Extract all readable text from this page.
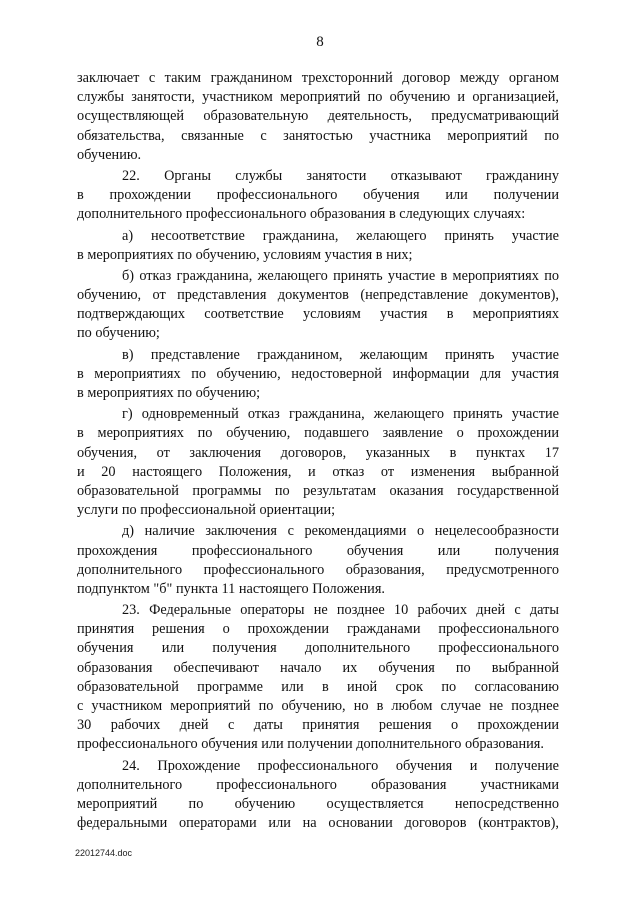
8
заключает с таким гражданином трехсторонний договор между органом
службы занятости, участником мероприятий по обучению и организацией,
осуществляющей образовательную деятельность, предусматривающий
обязательства, связанные с занятостью участника мероприятий по
обучению.
22. Органы службы занятости отказывают гражданину
в прохождении профессионального обучения или получении
дополнительного профессионального образования в следующих случаях:
а) несоответствие гражданина, желающего принять участие
в мероприятиях по обучению, условиям участия в них;
б) отказ гражданина, желающего принять участие в мероприятиях по
обучению, от представления документов (непредставление документов),
подтверждающих соответствие условиям участия в мероприятиях
по обучению;
в) представление гражданином, желающим принять участие
в мероприятиях по обучению, недостоверной информации для участия
в мероприятиях по обучению;
г) одновременный отказ гражданина, желающего принять участие
в мероприятиях по обучению, подавшего заявление о прохождении
обучения, от заключения договоров, указанных в пунктах 17
и 20 настоящего Положения, и отказ от изменения выбранной
образовательной программы по результатам оказания государственной
услуги по профессиональной ориентации;
д) наличие заключения с рекомендациями о нецелесообразности
прохождения профессионального обучения или получения
дополнительного профессионального образования, предусмотренного
подпунктом "б" пункта 11 настоящего Положения.
23. Федеральные операторы не позднее 10 рабочих дней с даты
принятия решения о прохождении гражданами профессионального
обучения или получения дополнительного профессионального
образования обеспечивают начало их обучения по выбранной
образовательной программе или в иной срок по согласованию
с участником мероприятий по обучению, но в любом случае не позднее
30 рабочих дней с даты принятия решения о прохождении
профессионального обучения или получении дополнительного образования.
24. Прохождение профессионального обучения и получение
дополнительного профессионального образования участниками
мероприятий по обучению осуществляется непосредственно
федеральными операторами или на основании договоров (контрактов),
22012744.doc
